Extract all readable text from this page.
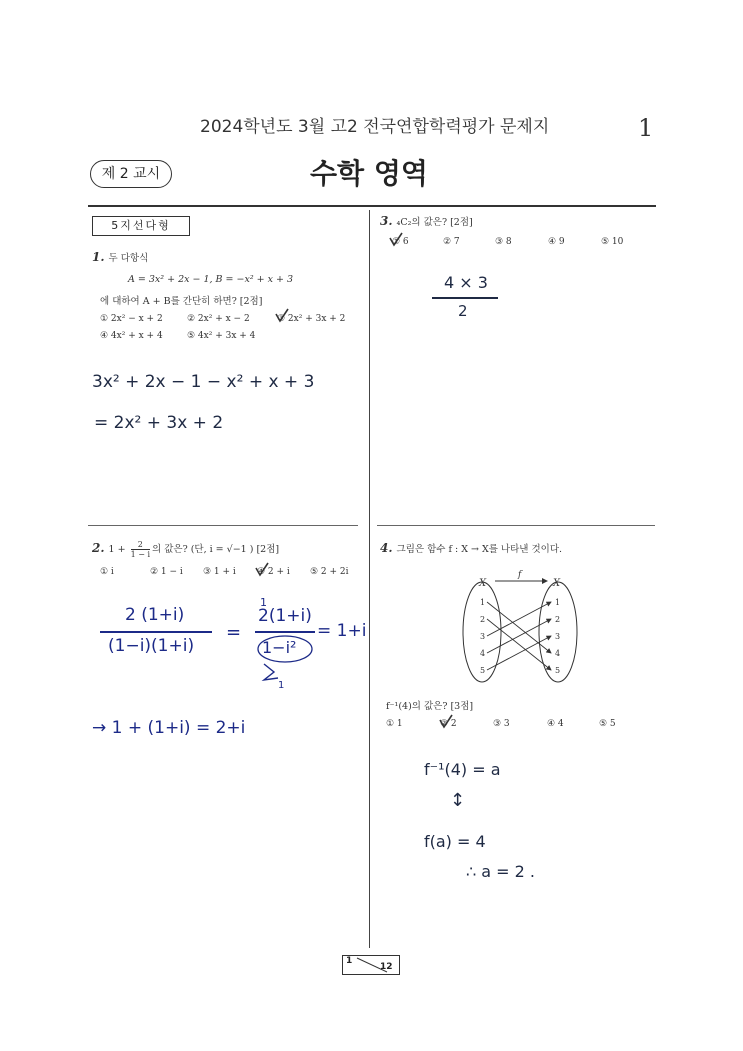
2024학년도 3월 고2 전국연합학력평가 문제지	1
제 2 교시	수학 영역
5지선다형
1. 두 다항식
A = 3x² + 2x − 1, B = −x² + x + 3
에 대하여 A + B를 간단히 하면? [2점]
① 2x² − x + 2	② 2x² + x − 2	③ 2x² + 3x + 2
④ 4x² + x + 4	⑤ 4x² + 3x + 4
3x² + 2x − 1 − x² + x + 3
= 2x² + 3x + 2
2. $1 + \frac{2}{1 - i}$ 의 값은? (단, i = √−1 ) [2점]
① i	② 1 − i ③ 1 + i ④ 2 + i ⑤ 2 + 2i
2 (1+i)
(1−i)(1+i)
=
1
2(1+i)
1−i²
1
= 1+i
→ 1 + (1+i) = 2+i
3. ₄C₂의 값은? [2점]
① 6	② 7	③ 8	④ 9	⑤ 10
4 × 3
2
4. 그림은 함수 f : X → X를 나타낸 것이다.
X	X
f
1
2
3
4
5
1
2
3
4
5
f⁻¹(4)의 값은? [3점]
① 1	② 2	③ 3	④ 4	⑤ 5
f⁻¹(4) = a
↕
f(a) = 4
∴ a = 2 .
1
12
